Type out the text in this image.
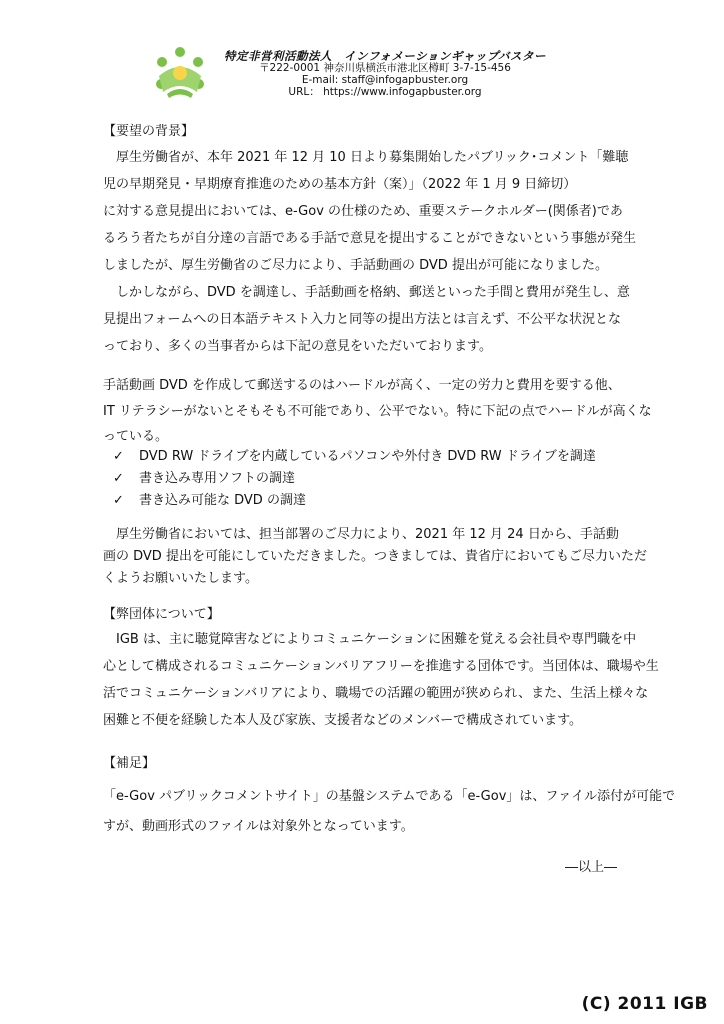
特定非営利活動法人　インフォメーションギャップバスター
〒222-0001 神奈川県横浜市港北区樽町 3-7-15-456
E-mail: staff@infogapbuster.org
URL： https://www.infogapbuster.org
【要望の背景】
　厚生労働省が、本年 2021 年 12 月 10 日より募集開始したパブリック･コメント「難聴
児の早期発見・早期療育推進のための基本方針（案）」（2022 年 1 月 9 日締切）
に対する意見提出においては、e-Gov の仕様のため、重要ステークホルダー(関係者)であ
るろう者たちが自分達の言語である手話で意見を提出することができないという事態が発生
しましたが、厚生労働省のご尽力により、手話動画の DVD 提出が可能になりました。
　しかしながら、DVD を調達し、手話動画を格納、郵送といった手間と費用が発生し、意
見提出フォームへの日本語テキスト入力と同等の提出方法とは言えず、不公平な状況とな
っており、多くの当事者からは下記の意見をいただいております。
手話動画 DVD を作成して郵送するのはハードルが高く、一定の労力と費用を要する他、
IT リテラシーがないとそもそも不可能であり、公平でない。特に下記の点でハードルが高くな
っている。
✓ DVD RW ドライブを内蔵しているパソコンや外付き DVD RW ドライブを調達
✓ 書き込み専用ソフトの調達
✓ 書き込み可能な DVD の調達
　厚生労働省においては、担当部署のご尽力により、2021 年 12 月 24 日から、手話動
画の DVD 提出を可能にしていただきました。つきましては、貴省庁においてもご尽力いただ
くようお願いいたします。
【弊団体について】
　IGB は、主に聴覚障害などによりコミュニケーションに困難を覚える会社員や専門職を中
心として構成されるコミュニケーションバリアフリーを推進する団体です。当団体は、職場や生
活でコミュニケーションバリアにより、職場での活躍の範囲が狭められ、また、生活上様々な
困難と不便を経験した本人及び家族、支援者などのメンバーで構成されています。
【補足】
「e-Gov パブリックコメントサイト」の基盤システムである「e-Gov」は、ファイル添付が可能で
すが、動画形式のファイルは対象外となっています。
―以上―
(C) 2011 IGB
